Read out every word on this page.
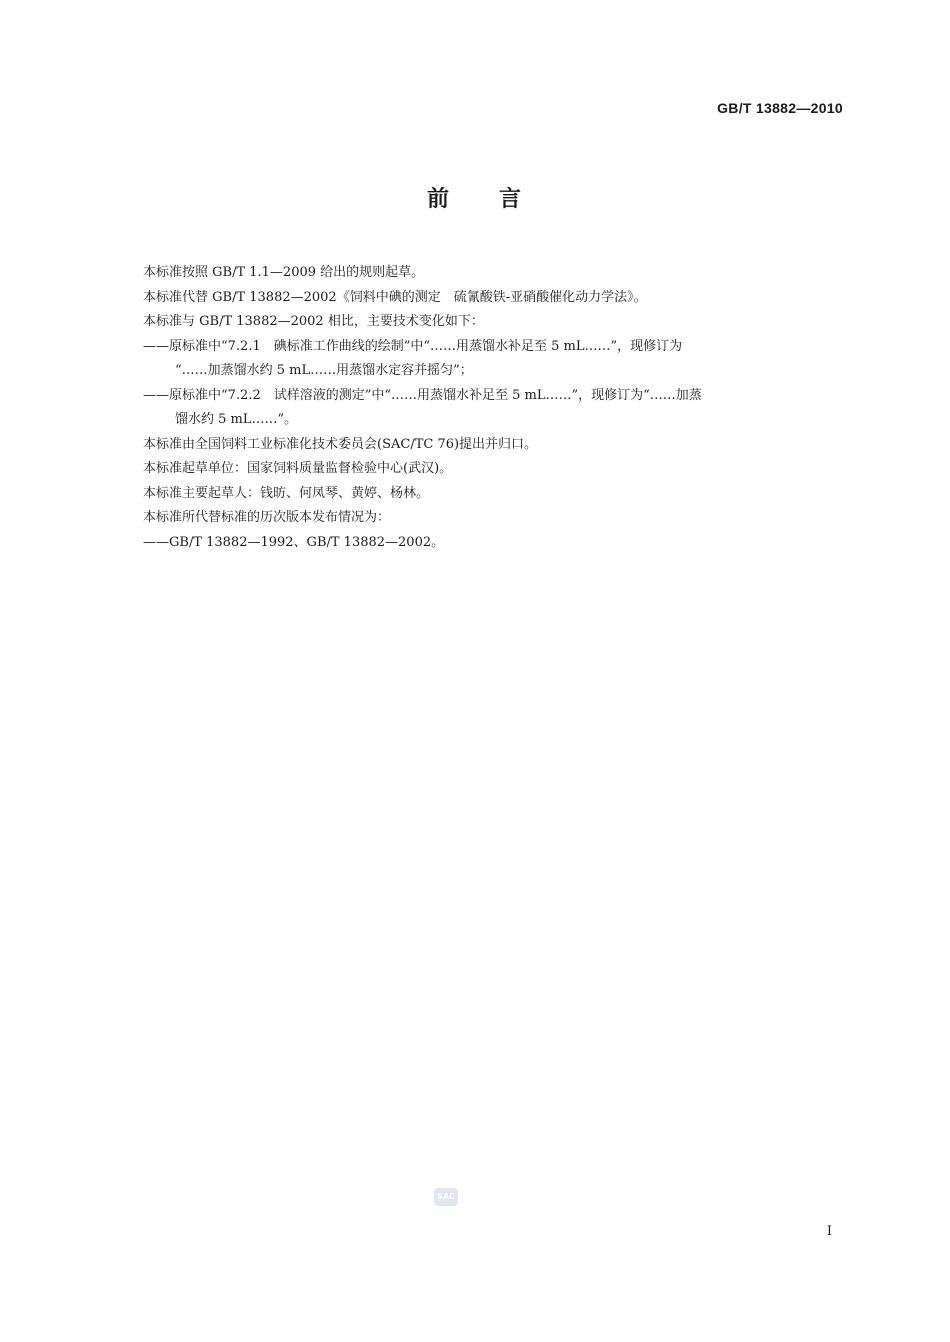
GB/T 13882—2010
前　　言

本标准按照 GB/T 1.1—2009 给出的规则起草。

本标准代替 GB/T 13882—2002《饲料中碘的测定　硫氰酸铁-亚硝酸催化动力学法》。

本标准与 GB/T 13882—2002 相比，主要技术变化如下：

——原标准中“7.2.1　碘标准工作曲线的绘制”中“……用蒸馏水补足至 5 mL……”，现修订为

“……加蒸馏水约 5 mL……用蒸馏水定容并摇匀”；

——原标准中“7.2.2　试样溶液的测定”中“……用蒸馏水补足至 5 mL……”，现修订为“……加蒸

馏水约 5 mL……”。

本标准由全国饲料工业标准化技术委员会(SAC/TC 76)提出并归口。

本标准起草单位：国家饲料质量监督检验中心(武汉)。

本标准主要起草人：钱昉、何凤琴、黄婷、杨林。

本标准所代替标准的历次版本发布情况为：

——GB/T 13882—1992、GB/T 13882—2002。

SAC
I
